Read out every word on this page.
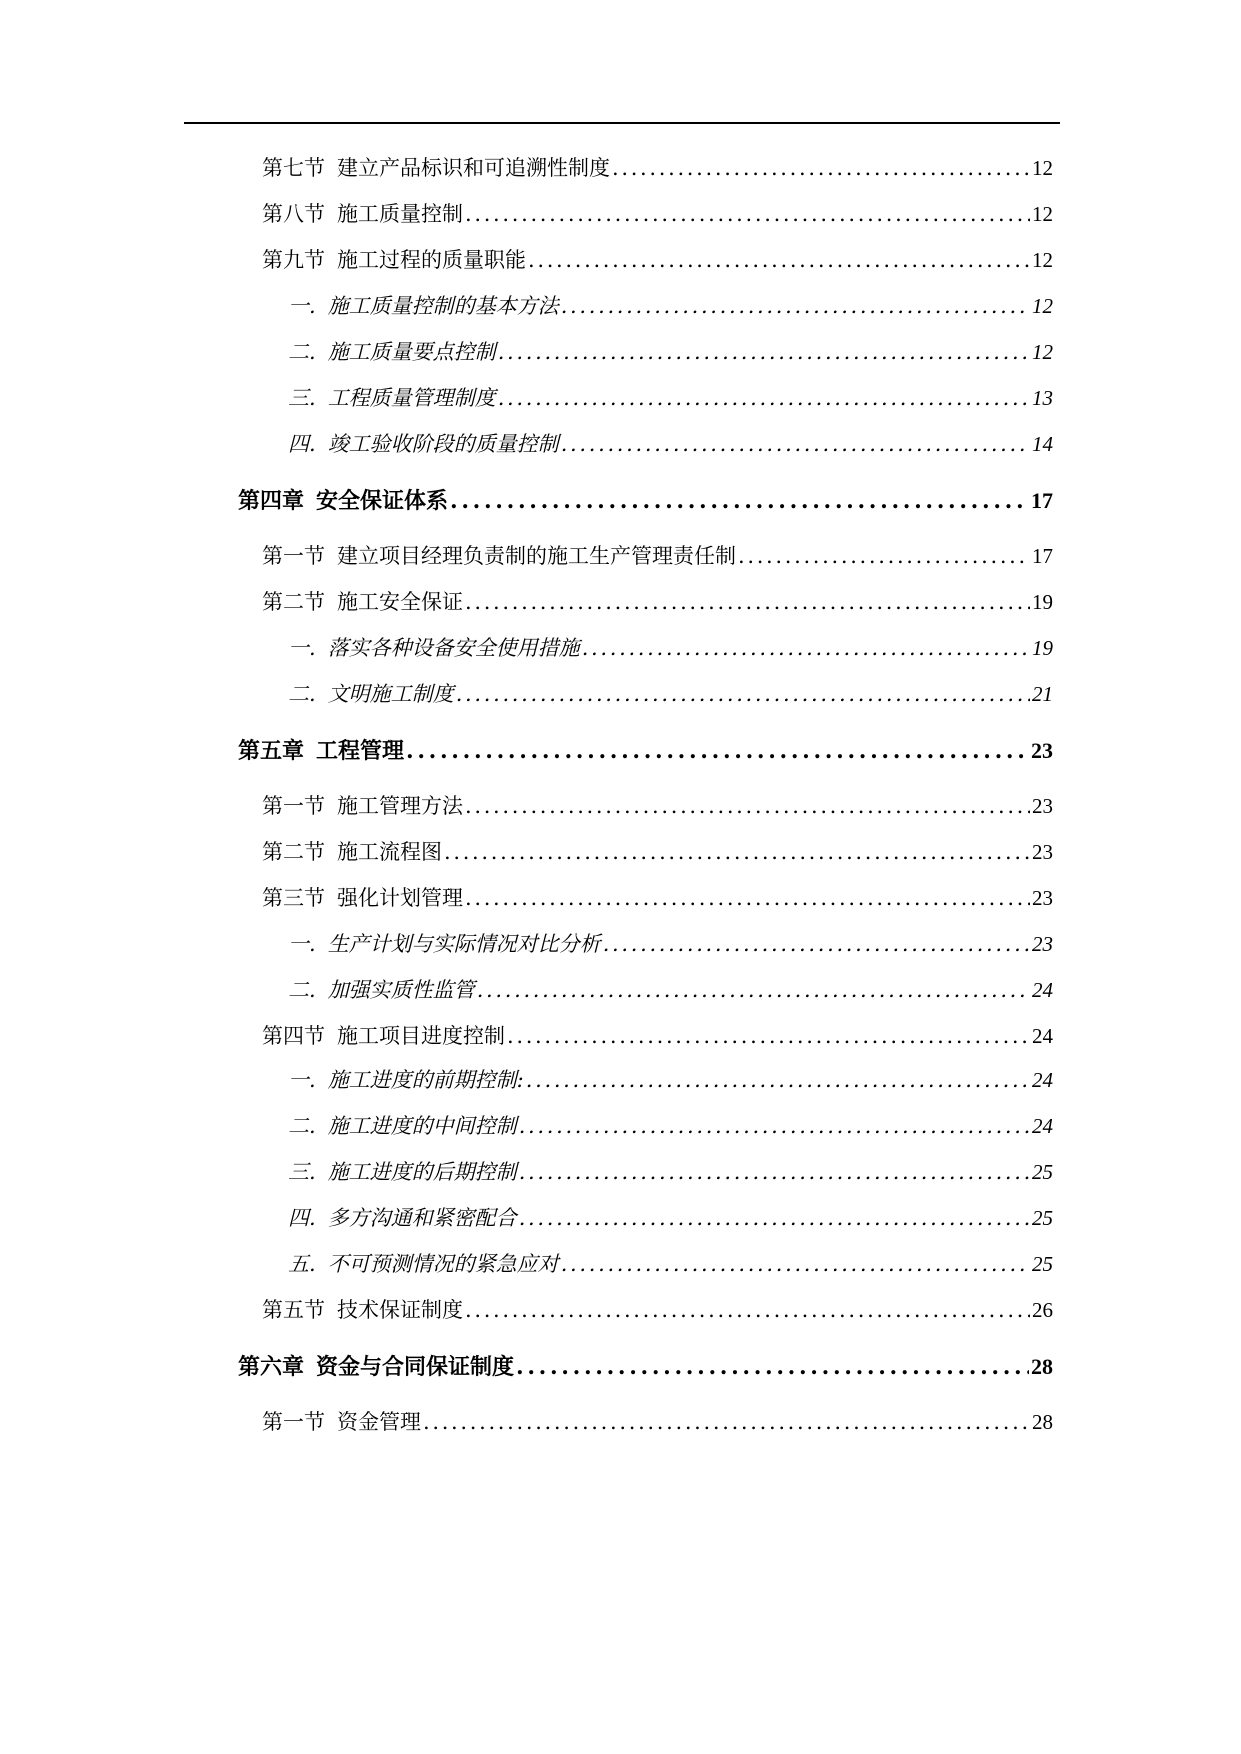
第七节 建立产品标识和可追溯性制度 . . .	12
第八节 施工质量控制 . . .	12
第九节 施工过程的质量职能 . . .	12
一. 施工质量控制的基本方法 . . .	12
二. 施工质量要点控制 . . .	12
三. 工程质量管理制度 . . .	13
四. 竣工验收阶段的质量控制 . . .	14
第四章 安全保证体系 . . .	17
第一节 建立项目经理负责制的施工生产管理责任制 . . .	17
第二节 施工安全保证 . . .	19
一. 落实各种设备安全使用措施 . . .	19
二. 文明施工制度 . . .	21
第五章 工程管理 . . .	23
第一节 施工管理方法 . . .	23
第二节 施工流程图 . . .	23
第三节 强化计划管理 . . .	23
一. 生产计划与实际情况对比分析 . . .	23
二. 加强实质性监管 . . .	24
第四节 施工项目进度控制 . . .	24
一. 施工进度的前期控制: . . .	24
二. 施工进度的中间控制 . . .	24
三. 施工进度的后期控制 . . .	25
四. 多方沟通和紧密配合 . . .	25
五. 不可预测情况的紧急应对 . . .	25
第五节 技术保证制度 . . .	26
第六章 资金与合同保证制度 . . .	28
第一节 资金管理 . . .	28
